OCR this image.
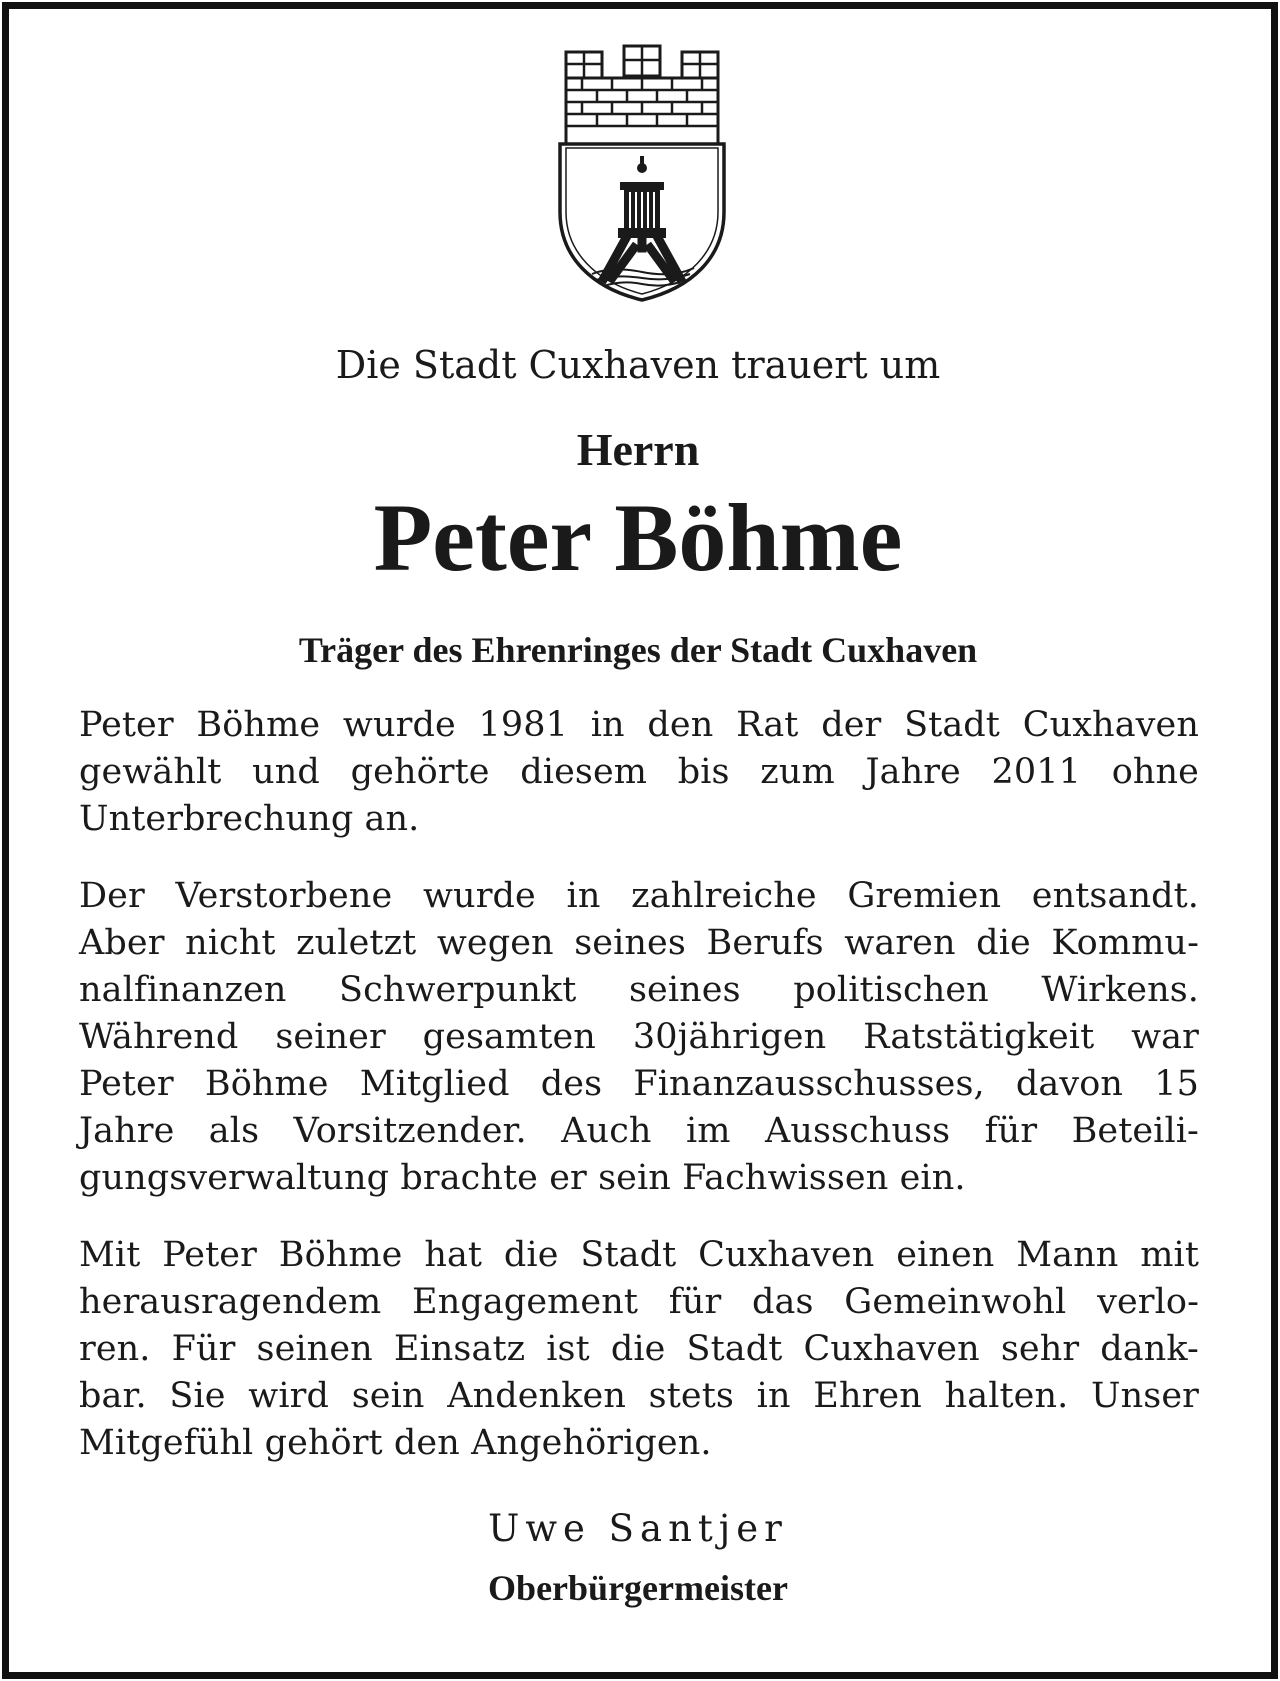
Die Stadt Cuxhaven trauert um
Herrn
Peter Böhme
Träger des Ehrenringes der Stadt Cuxhaven
Peter Böhme wurde 1981 in den Rat der Stadt Cuxhaven
gewählt und gehörte diesem bis zum Jahre 2011 ohne
Unterbrechung an.
Der Verstorbene wurde in zahlreiche Gremien entsandt.
Aber nicht zuletzt wegen seines Berufs waren die Kommu-
nalfinanzen Schwerpunkt seines politischen Wirkens.
Während seiner gesamten 30jährigen Ratstätigkeit war
Peter Böhme Mitglied des Finanzausschusses, davon 15
Jahre als Vorsitzender. Auch im Ausschuss für Beteili-
gungsverwaltung brachte er sein Fachwissen ein.
Mit Peter Böhme hat die Stadt Cuxhaven einen Mann mit
herausragendem Engagement für das Gemeinwohl verlo-
ren. Für seinen Einsatz ist die Stadt Cuxhaven sehr dank-
bar. Sie wird sein Andenken stets in Ehren halten. Unser
Mitgefühl gehört den Angehörigen.
Uwe Santjer
Oberbürgermeister
